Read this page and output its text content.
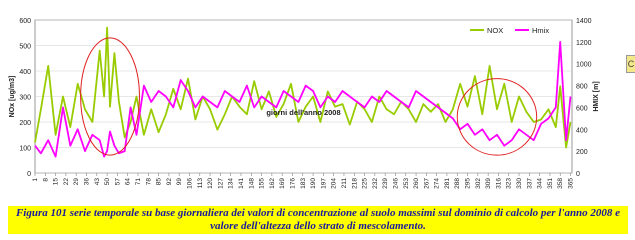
0
100
200
300
400
500
600
0
200
400
600
800
1000
1200
1400
1 8 15 22 29 36 43 50 57 64 71 78 85 92 99 106 113 120 127 134 141 148 155 162 169 176 183 190 197 204 211 218 225 232 239 246 253 260 267 274 281 288 295 302 309 316 323 330 337 344 351 358 365
giorni dell'anno 2008
NOx [ug/m3]	HMIX [m]
NOX	Hmix
Figura 101 serie temporale su base giornaliera dei valori di concentrazione al suolo massimi sul dominio di calcolo per l'anno 2008 e valore dell'altezza dello strato di mescolamento.
C
